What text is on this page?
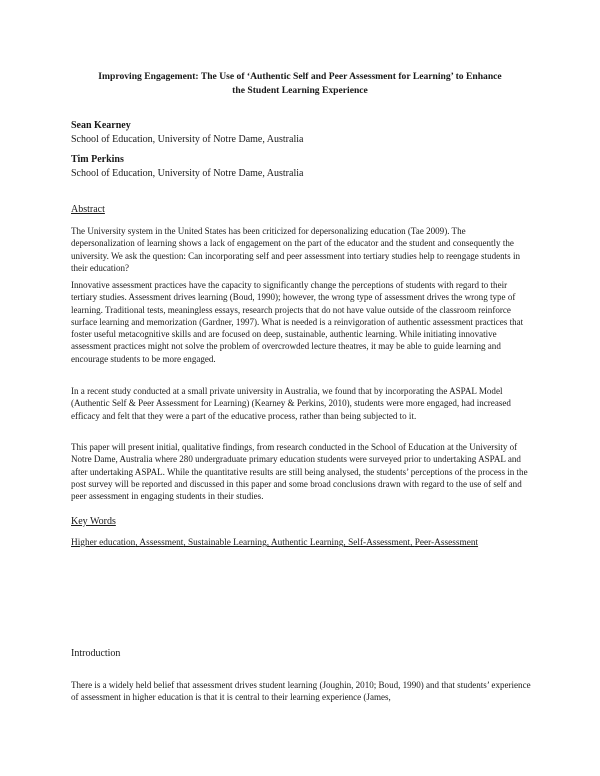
Improving Engagement: The Use of ‘Authentic Self and Peer Assessment for Learning’ to Enhance
the Student Learning Experience
Sean Kearney
School of Education, University of Notre Dame, Australia
Tim Perkins
School of Education, University of Notre Dame, Australia
Abstract

The University system in the United States has been criticized for depersonalizing education (Tae 2009). The depersonalization of learning shows a lack of engagement on the part of the educator and the student and consequently the university. We ask the question: Can incorporating self and peer assessment into tertiary studies help to reengage students in their education?

Innovative assessment practices have the capacity to significantly change the perceptions of students with regard to their tertiary studies. Assessment drives learning (Boud, 1990); however, the wrong type of assessment drives the wrong type of learning. Traditional tests, meaningless essays, research projects that do not have value outside of the classroom reinforce surface learning and memorization (Gardner, 1997). What is needed is a reinvigoration of authentic assessment practices that foster useful metacognitive skills and are focused on deep, sustainable, authentic learning. While initiating innovative assessment practices might not solve the problem of overcrowded lecture theatres, it may be able to guide learning and encourage students to be more engaged.

In a recent study conducted at a small private university in Australia, we found that by incorporating the ASPAL Model (Authentic Self & Peer Assessment for Learning) (Kearney & Perkins, 2010), students were more engaged, had increased efficacy and felt that they were a part of the educative process, rather than being subjected to it.

This paper will present initial, qualitative findings, from research conducted in the School of Education at the University of Notre Dame, Australia where 280 undergraduate primary education students were surveyed prior to undertaking ASPAL and after undertaking ASPAL. While the quantitative results are still being analysed, the students’ perceptions of the process in the post survey will be reported and discussed in this paper and some broad conclusions drawn with regard to the use of self and peer assessment in engaging students in their studies.

Key Words
Higher education, Assessment, Sustainable Learning, Authentic Learning, Self-Assessment, Peer-Assessment
Introduction

There is a widely held belief that assessment drives student learning (Joughin, 2010; Boud, 1990) and that students’ experience of assessment in higher education is that it is central to their learning experience (James,
